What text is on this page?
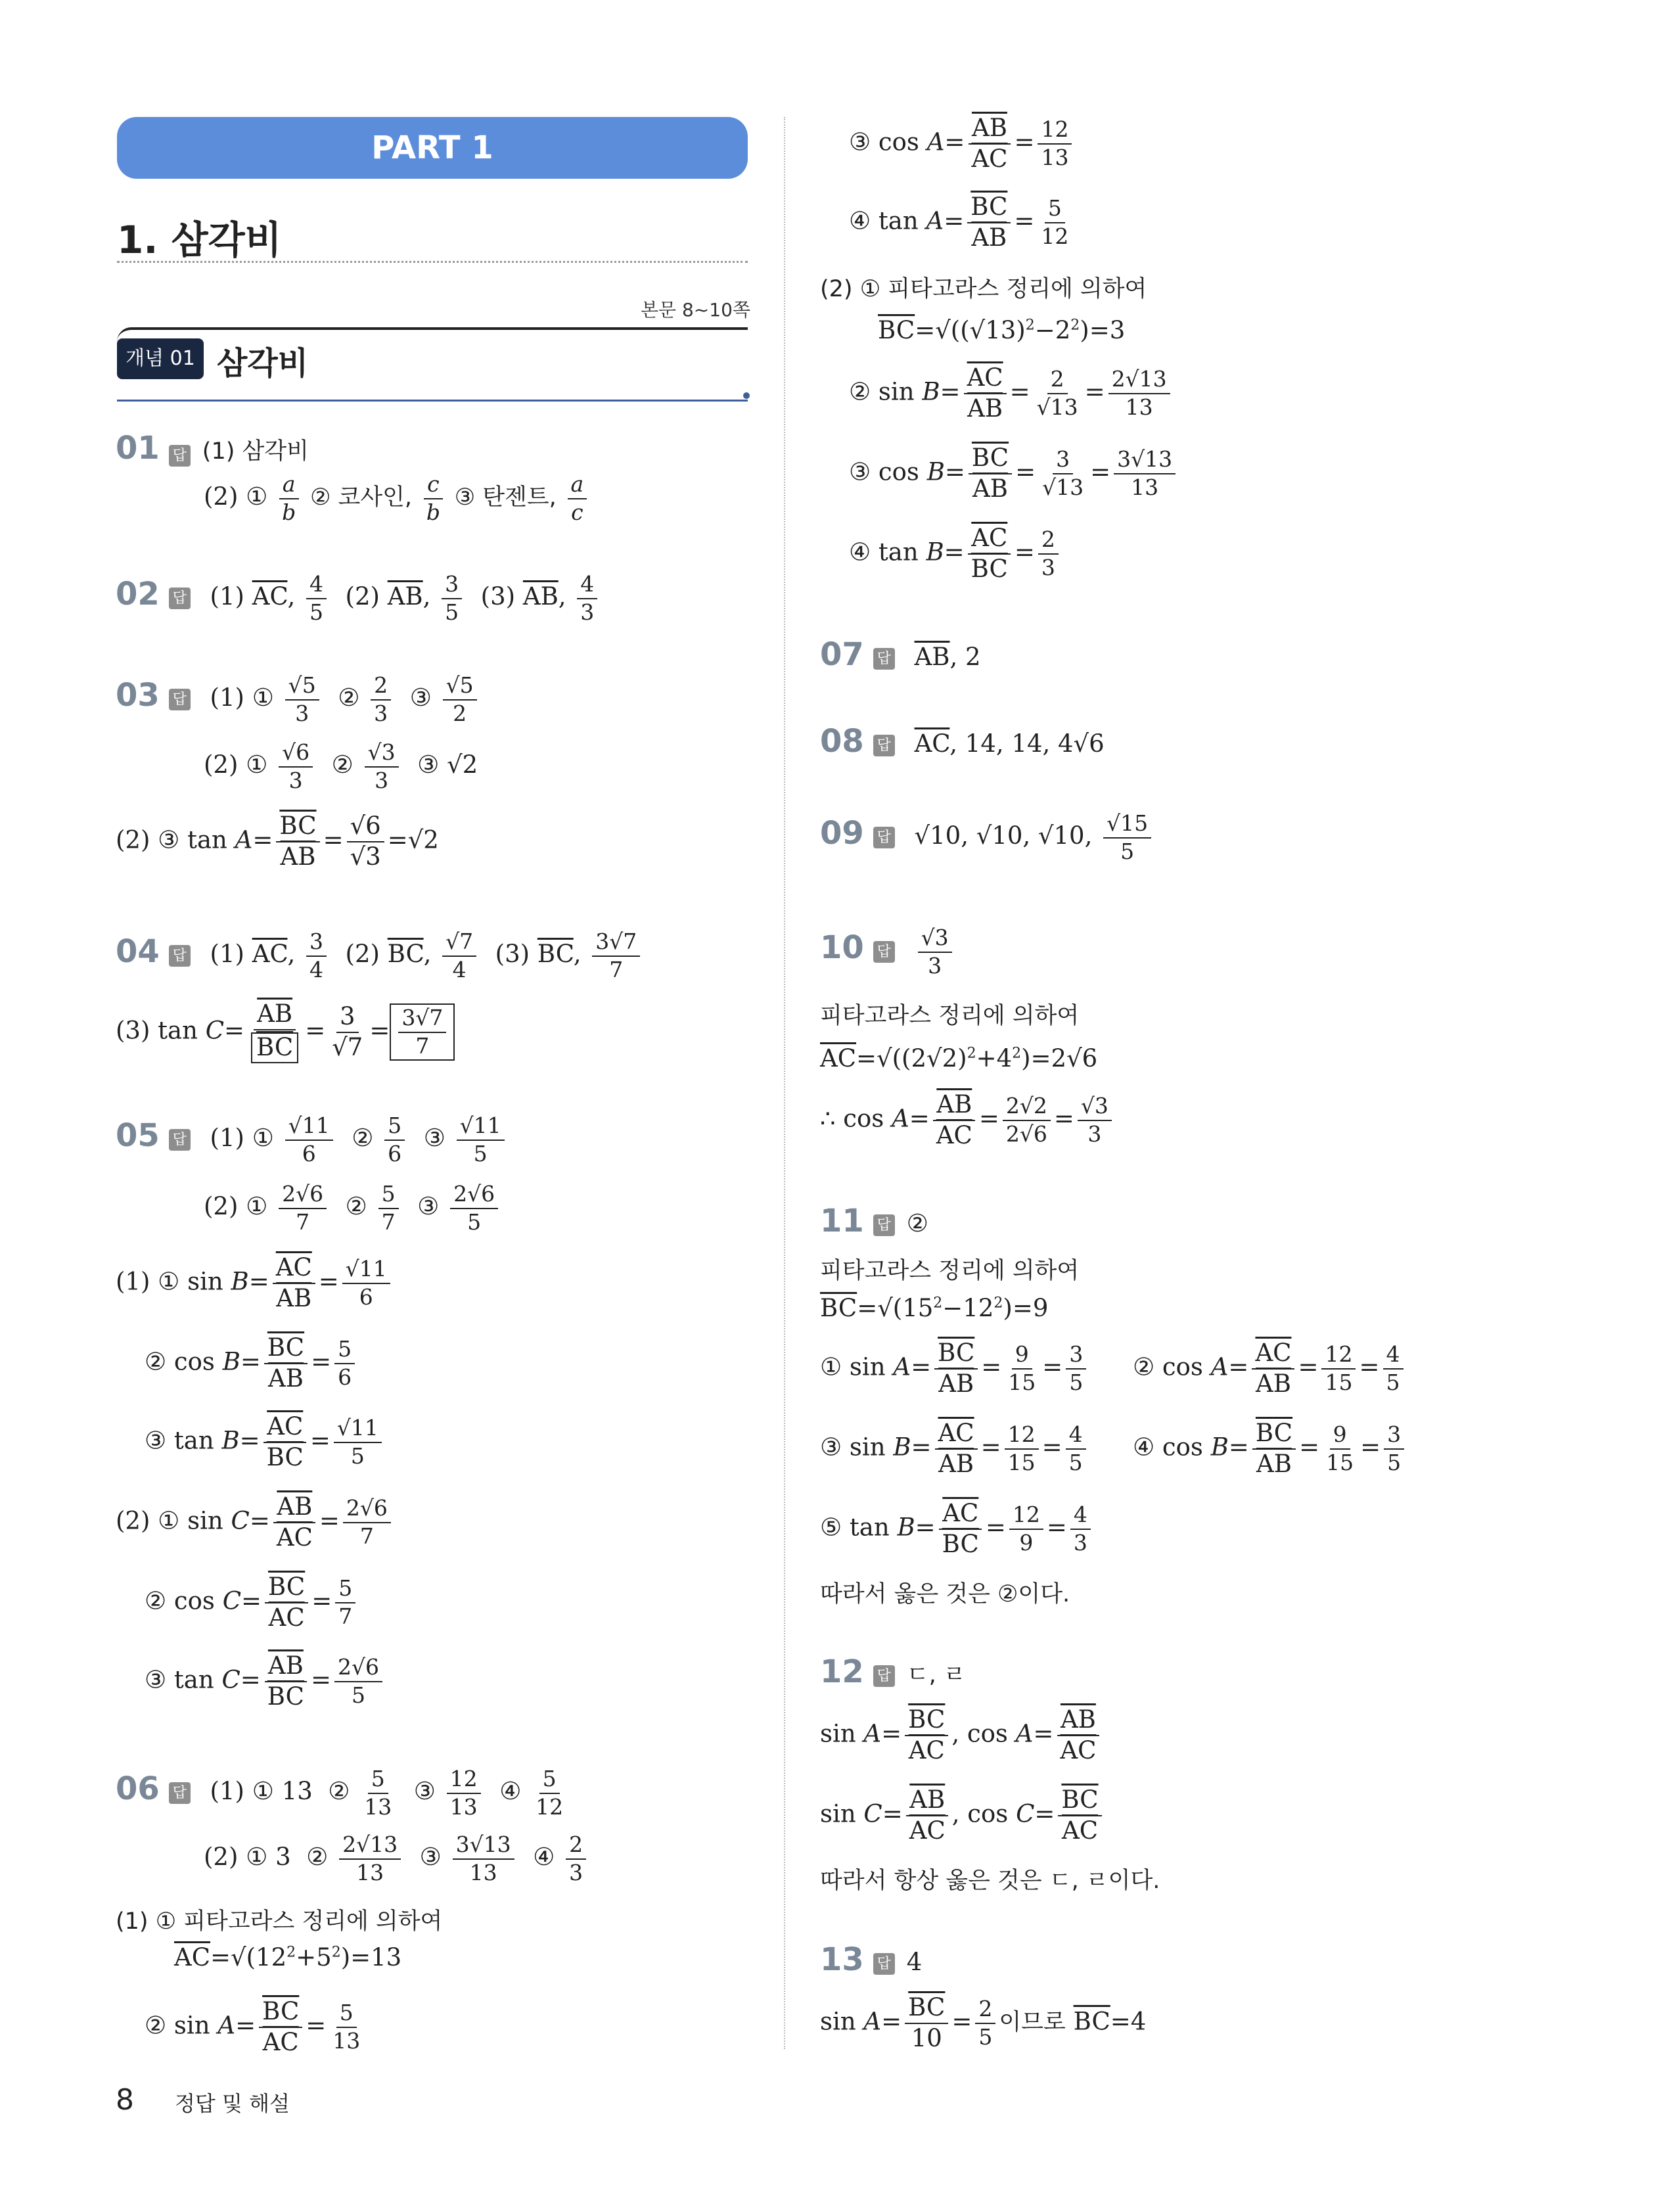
PART 1
1. 삼각비
본문 8~10쪽
개념 01 삼각비
01 답 (1) 삼각비
(2) ① $\frac{a}{b}$ ② 코사인, $\frac{c}{b}$ ③ 탄젠트, $\frac{a}{c}$
02 답 (1) $\overline{AC}$, $\frac{4}{5} (2)$ $\overline{AB}$, $\frac{3}{5} (3)$ $\overline{AB}$, $\frac{4}{3}$
03 답 (1) ① $\frac{√5}{3}$ ② $\frac{2}{3}$ ③ $\frac{√5}{2}$
(2) ① $\frac{√6}{3}$ ② $\frac{√3}{3}$ ③ √2
(2) ③ $\tan A= \frac{\overline{BC}}{AB} = \frac{√6}{√3} =√2$
04 답 (1) $\overline{AC}$, $\frac{3}{4} (2)$ $\overline{BC}$, $\frac{√7}{4} (3)$ $\overline{BC}$, $\frac{3√7}{7}$
(3) $\tan C= \frac{\overline{AB}}{BC} = \frac{3}{√7} = \frac{3√7}{7}$
05 답 (1) ① $\frac{√11}{6}$ ② $\frac{5}{6}$ ③ $\frac{√11}{5}$
(2) ① $\frac{2√6}{7}$ ② $\frac{5}{7}$ ③ $\frac{2√6}{5}$
(1) ① $\sin B= \frac{\overline{AC}}{AB} = \frac{√11}{6}$
② $\cos B= \frac{\overline{BC}}{AB} = \frac{5}{6}$
③ $\tan B= \frac{\overline{AC}}{BC} = \frac{√11}{5}$
(2) ① $\sin C= \frac{\overline{AB}}{AC} = \frac{2√6}{7}$
② $\cos C= \frac{\overline{BC}}{AC} = \frac{5}{7}$
③ $\tan C= \frac{\overline{AB}}{BC} = \frac{2√6}{5}$
06 답 (1) ① 13  ② $\frac{5}{13}$ ③ $\frac{12}{13}$ ④ $\frac{5}{12}$
(2) ① 3  ② $\frac{2√13}{13}$ ③ $\frac{3√13}{13}$ ④ $\frac{2}{3}$
(1) ① 피타고라스 정리에 의하여
$\overline{AC}=√(12^2+5^2)=13$
② $\sin A= \frac{\overline{BC}}{AC} = \frac{5}{13}$
8 정답 및 해설
③ $\cos A= \frac{\overline{AB}}{AC} = \frac{12}{13}$
④ $\tan A= \frac{\overline{BC}}{AB} = \frac{5}{12}$
(2) ① 피타고라스 정리에 의하여
$\overline{BC}=√((√13)^2-2^2)=3$
② $\sin B= \frac{\overline{AC}}{AB} = \frac{2}{√13} = \frac{2√13}{13}$
③ $\cos B= \frac{\overline{BC}}{AB} = \frac{3}{√13} = \frac{3√13}{13}$
④ $\tan B= \frac{\overline{AC}}{BC} = \frac{2}{3}$
07 답 $\overline{AB}$, 2
08 답 $\overline{AC}$, 14, 14, 4√6
09 답 √10, √10, √10, $\frac{√15}{5}$
10 답 $\frac{√3}{3}$
피타고라스 정리에 의하여
$\overline{AC}=√((2√2)^2+4^2)=2√6$
∴ $\cos A= \frac{\overline{AB}}{AC} = \frac{2√2}{2√6} = \frac{√3}{3}$
11 답 ②
피타고라스 정리에 의하여
$\overline{BC}=√(15^2-12^2)=9$
① $\sin A= \frac{\overline{BC}}{AB} = \frac{9}{15} = \frac{3}{5}$ ② $\cos A= \frac{\overline{AC}}{AB} = \frac{12}{15} = \frac{4}{5}$
③ $\sin B= \frac{\overline{AC}}{AB} = \frac{12}{15} = \frac{4}{5}$ ④ $\cos B= \frac{\overline{BC}}{AB} = \frac{9}{15} = \frac{3}{5}$
⑤ $\tan B= \frac{\overline{AC}}{BC} = \frac{12}{9} = \frac{4}{3}$
따라서 옳은 것은 ②이다.
12 답 ㄷ, ㄹ
$\sin A= \frac{\overline{BC}}{AC}$ , $\cos A= \frac{\overline{AB}}{AC}$
$\sin C= \frac{\overline{AB}}{AC}$ , $\cos C= \frac{\overline{BC}}{AC}$
따라서 항상 옳은 것은 ㄷ, ㄹ이다.
13 답 4
$\sin A= \frac{\overline{BC}}{10} = \frac{2}{5}$ 이므로 $\overline{BC}=4$
